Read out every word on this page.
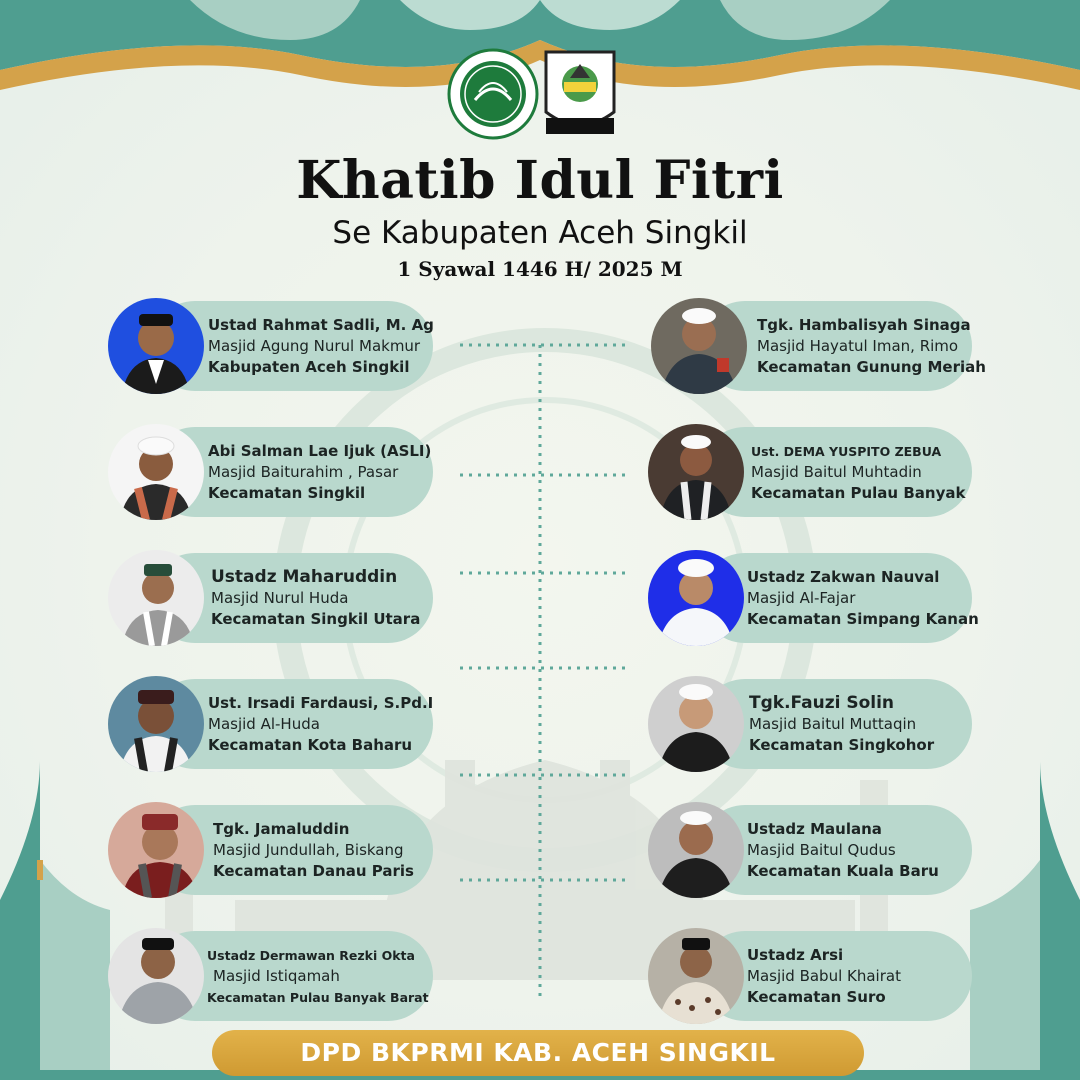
Khatib Idul Fitri
Se Kabupaten Aceh Singkil
1 Syawal 1446 H/ 2025 M
Ustad Rahmat Sadli, M. Ag
Masjid Agung Nurul Makmur
Kabupaten Aceh Singkil
Abi Salman Lae Ijuk (ASLI)
Masjid Baiturahim , Pasar
Kecamatan Singkil
Ustadz Maharuddin
Masjid Nurul Huda
Kecamatan Singkil Utara
Ust. Irsadi Fardausi, S.Pd.I
Masjid Al-Huda
Kecamatan Kota Baharu
Tgk. Jamaluddin
Masjid Jundullah, Biskang
Kecamatan Danau Paris
Ustadz Dermawan Rezki Okta
Masjid Istiqamah
Kecamatan Pulau Banyak Barat
Tgk. Hambalisyah Sinaga
Masjid Hayatul Iman, Rimo
Kecamatan Gunung Meriah
Ust. DEMA YUSPITO ZEBUA
Masjid Baitul Muhtadin
Kecamatan Pulau Banyak
Ustadz Zakwan Nauval
Masjid Al-Fajar
Kecamatan Simpang Kanan
Tgk.Fauzi Solin
Masjid Baitul Muttaqin
Kecamatan Singkohor
Ustadz Maulana
Masjid Baitul Qudus
Kecamatan Kuala Baru
Ustadz Arsi
Masjid Babul Khairat
Kecamatan Suro
DPD BKPRMI KAB. ACEH SINGKIL
